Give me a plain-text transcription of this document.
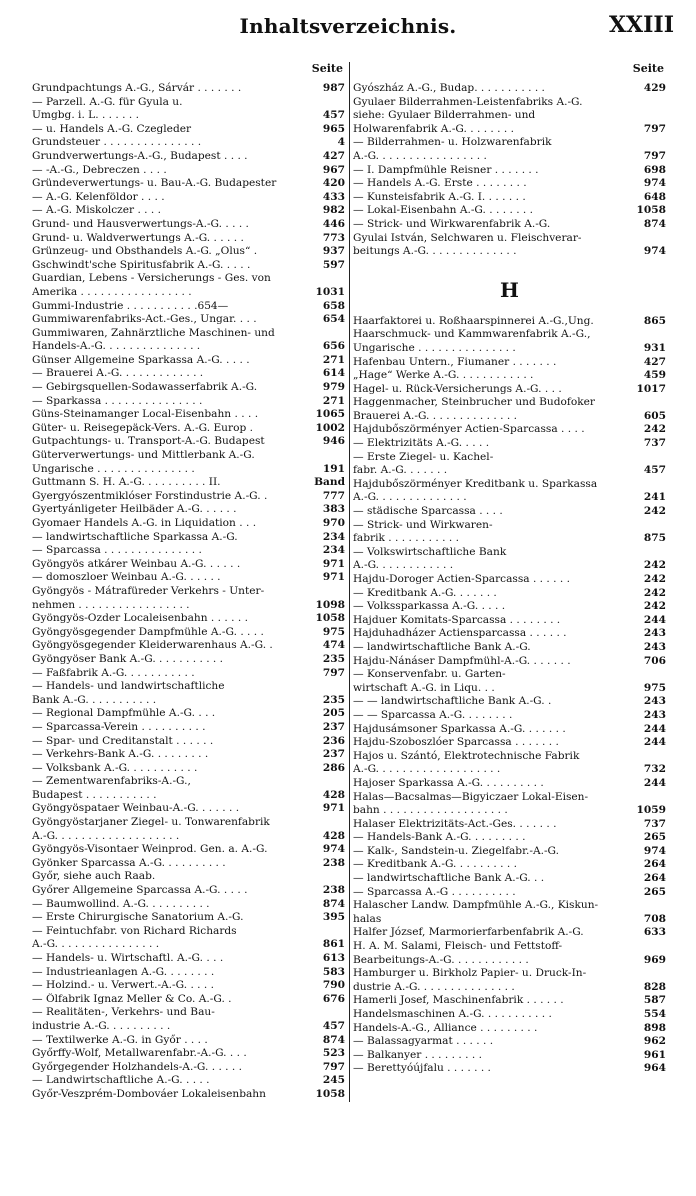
Inhaltsverzeichnis.	XXIII
Seite
Grundpachtungs A.-G., Sárvár . . . . . . .	987
— Parzell. A.-G. für Gyula u.
Umgbg. i. L. . . . . . .	457
— u. Handels A.-G. Czegleder	965
Grundsteuer . . . . . . . . . . . . . . .	4
Grundverwertungs-A.-G., Budapest . . . .	427
— -A.-G., Debreczen . . . .	967
Gründeverwertungs- u. Bau-A.-G. Budapester	420
— A.-G. Kelenföldor . . . .	433
— A.-G. Miskolczer . . . .	982
Grund- und Hausverwertungs-A.-G. . . . .	446
Grund- u. Waldverwertungs A.-G. . . . . .	773
Grünzeug- und Obsthandels A.-G. „Olus“ .	937
Gschwindt'sche Spiritusfabrik A.-G. . . . .	597
Guardian, Lebens - Versicherungs - Ges. von
Amerika . . . . . . . . . . . . . . . . .	1031
Gummi-Industrie . . . . . . . . . . .654—	658
Gummiwarenfabriks-Act.-Ges., Ungar. . . .	654
Gummiwaren, Zahnärztliche Maschinen- und
Handels-A.-G. . . . . . . . . . . . . . .	656
Günser Allgemeine Sparkassa A.-G. . . . .	271
— Brauerei A.-G. . . . . . . . . . . . .	614
— Gebirgsquellen-Sodawasserfabrik A.-G.	979
— Sparkassa . . . . . . . . . . . . . . .	271
Güns-Steinamanger Local-Eisenbahn . . . .	1065
Güter- u. Reisegepäck-Vers. A.-G. Europ .	1002
Gutpachtungs- u. Transport-A.-G. Budapest	946
Güterverwertungs- und Mittlerbank A.-G.
Ungarische . . . . . . . . . . . . . . .	191
Guttmann S. H. A.-G. . . . . . . . . . II.	Band
Gyergyószentmiklóser Forstindustrie A.-G. .	777
Gyertyánligeter Heilbäder A.-G. . . . . .	383
Gyomaer Handels A.-G. in Liquidation . . .	970
— landwirtschaftliche Sparkassa A.-G.	234
— Sparcassa . . . . . . . . . . . . . . .	234
Gyöngyös atkárer Weinbau A.-G. . . . . .	971
— domoszloer Weinbau A.-G. . . . . .	971
Gyöngyös - Mátrafüreder Verkehrs - Unter-
nehmen . . . . . . . . . . . . . . . . .	1098
Gyöngyös-Ozder Localeisenbahn . . . . . .	1058
Gyöngyösgegender Dampfmühle A.-G. . . . .	975
Gyöngyösgegender Kleiderwarenhaus A.-G. .	474
Gyöngyöser Bank A.-G. . . . . . . . . . .	235
— Faßfabrik A.-G. . . . . . . . . . .	797
— Handels- und landwirtschaftliche
Bank A.-G. . . . . . . . . . .	235
— Regional Dampfmühle A.-G. . . .	205
— Sparcassa-Verein . . . . . . . . . .	237
— Spar- und Creditanstalt . . . . . .	236
— Verkehrs-Bank A.-G. . . . . . . . .	237
— Volksbank A.-G. . . . . . . . . . .	286
— Zementwarenfabriks-A.-G.,
Budapest . . . . . . . . . . .	428
Gyöngyöspataer Weinbau-A.-G. . . . . . .	971
Gyöngyöstarjaner Ziegel- u. Tonwarenfabrik
A.-G. . . . . . . . . . . . . . . . . . .	428
Gyöngyös-Visontaer Weinprod. Gen. a. A.-G.	974
Gyönker Sparcassa A.-G. . . . . . . . . .	238
Győr, siehe auch Raab.
Győrer Allgemeine Sparcassa A.-G. . . . .	238
— Baumwollind. A.-G. . . . . . . . . .	874
— Erste Chirurgische Sanatorium A.-G.	395
— Feintuchfabr. von Richard Richards
A.-G. . . . . . . . . . . . . . . .	861
— Handels- u. Wirtschaftl. A.-G. . . .	613
— Industrieanlagen A.-G. . . . . . . .	583
— Holzind.- u. Verwert.-A.-G. . . . .	790
— Ölfabrik Ignaz Meller & Co. A.-G. .	676
— Realitäten-, Verkehrs- und Bau-
industrie A.-G. . . . . . . . . .	457
— Textilwerke A.-G. in Győr . . . .	874
Győrffy-Wolf, Metallwarenfabr.-A.-G. . . .	523
Győrgegender Holzhandels-A.-G. . . . . .	797
— Landwirtschaftliche A.-G. . . . .	245
Győr-Veszprém-Dombováer Lokaleisenbahn	1058
Seite
Gyószház A.-G., Budap. . . . . . . . . . .	429
Gyulaer Bilderrahmen-Leistenfabriks A.-G.
siehe: Gyulaer Bilderrahmen- und
Holwarenfabrik A.-G. . . . . . . .	797
— Bilderrahmen- u. Holzwarenfabrik
A.-G. . . . . . . . . . . . . . . . .	797
— I. Dampfmühle Reisner . . . . . . .	698
— Handels A.-G. Erste . . . . . . . .	974
— Kunsteisfabrik A.-G. I. . . . . . .	648
— Lokal-Eisenbahn A.-G. . . . . . . .	1058
— Strick- und Wirkwarenfabrik A.-G.	874
Gyulai István, Selchwaren u. Fleischverar-
beitungs A.-G. . . . . . . . . . . . . .	974
H
Haarfaktorei u. Roßhaarspinnerei A.-G.,Ung.	865
Haarschmuck- und Kammwarenfabrik A.-G.,
Ungarische . . . . . . . . . . . . . . .	931
Hafenbau Untern., Fiumaner . . . . . . .	427
„Hage“ Werke A.-G. . . . . . . . . . . .	459
Hagel- u. Rück-Versicherungs A.-G. . . .	1017
Haggenmacher, Steinbrucher und Budofoker
Brauerei A.-G. . . . . . . . . . . . . .	605
Hajdubőszörményer Actien-Sparcassa . . . .	242
— Elektrizitäts A.-G. . . . .	737
— Erste Ziegel- u. Kachel-
fabr. A.-G. . . . . . .	457
Hajdubőszörményer Kreditbank u. Sparkassa
A.-G. . . . . . . . . . . . . .	241
— städische Sparcassa . . . .	242
— Strick- und Wirkwaren-
fabrik . . . . . . . . . . .	875
— Volkswirtschaftliche Bank
A.-G. . . . . . . . . . . .	242
Hajdu-Doroger Actien-Sparcassa . . . . . .	242
— Kreditbank A.-G. . . . . . .	242
— Volkssparkassa A.-G. . . . .	242
Hajduer Komitats-Sparcassa . . . . . . . .	244
Hajduhadházer Actiensparcassa . . . . . .	243
— landwirtschaftliche Bank A.-G.	243
Hajdu-Nánáser Dampfmühl-A.-G. . . . . . .	706
— Konservenfabr. u. Garten-
wirtschaft A.-G. in Liqu. . .	975
— — landwirtschaftliche Bank A.-G. .	243
— — Sparcassa A.-G. . . . . . . .	243
Hajdusámsoner Sparkassa A.-G. . . . . . .	244
Hajdu-Szoboszlóer Sparcassa . . . . . . .	244
Hajos u. Szántó, Elektrotechnische Fabrik
A.-G. . . . . . . . . . . . . . . . . . .	732
Hajoser Sparkassa A.-G. . . . . . . . . .	244
Halas—Bacsalmas—Bigyiczaer Lokal-Eisen-
bahn . . . . . . . . . . . . . . . . . . .	1059
Halaser Elektrizitäts-Act.-Ges. . . . . . .	737
— Handels-Bank A.-G. . . . . . . . .	265
— Kalk-, Sandstein-u. Ziegelfabr.-A.-G.	974
— Kreditbank A.-G. . . . . . . . . .	264
— landwirtschaftliche Bank A.-G. . .	264
— Sparcassa A.-G . . . . . . . . . .	265
Halascher Landw. Dampfmühle A.-G., Kiskun-
halas	708
Halfer József, Marmorierfarbenfabrik A.-G.	633
H. A. M. Salami, Fleisch- und Fettstoff-
Bearbeitungs-A.-G. . . . . . . . . . . .	969
Hamburger u. Birkholz Papier- u. Druck-In-
dustrie A.-G. . . . . . . . . . . . . . .	828
Hamerli Josef, Maschinenfabrik . . . . . .	587
Handelsmaschinen A.-G. . . . . . . . . . .	554
Handels-A.-G., Alliance . . . . . . . . .	898
— Balassagyarmat . . . . . .	962
— Balkanyer . . . . . . . . .	961
— Berettyóújfalu . . . . . . .	964
